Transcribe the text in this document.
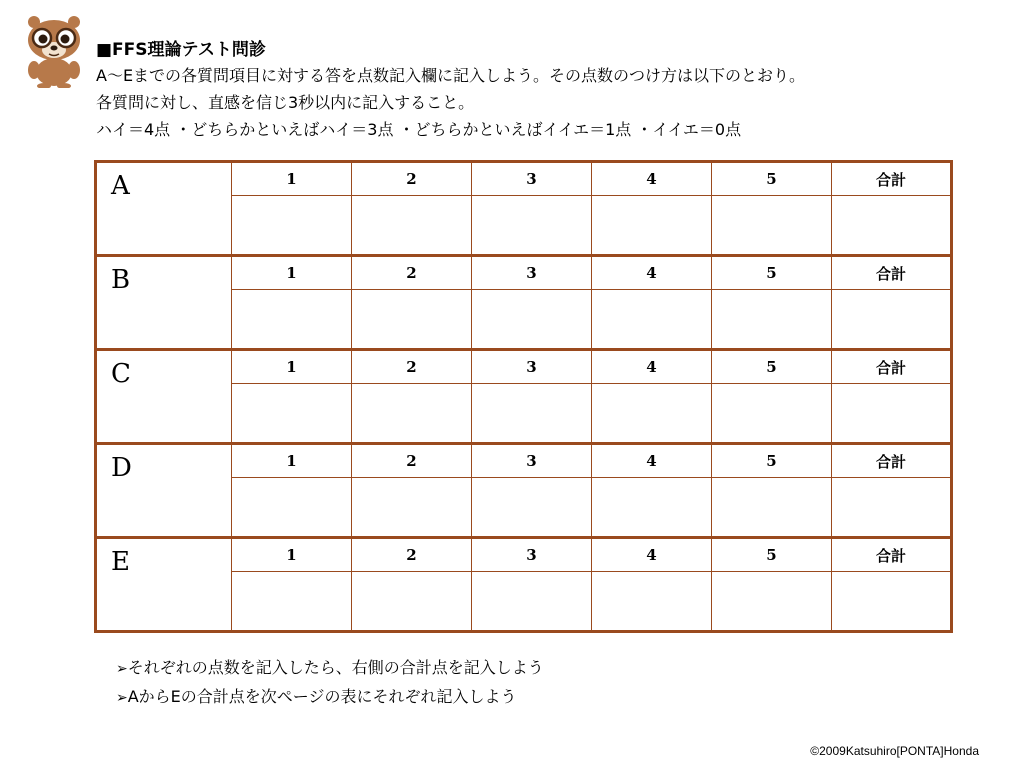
■FFS理論テスト問診
A～Eまでの各質問項目に対する答を点数記入欄に記入しよう。その点数のつけ方は以下のとおり。
各質問に対し、直感を信じ3秒以内に記入すること。
ハイ＝4点 ・どちらかといえばハイ＝3点 ・どちらかといえばイイエ＝1点 ・イイエ＝0点
A	1	2	3	4	5	合計

B	1	2	3	4	5	合計

C	1	2	3	4	5	合計

D	1	2	3	4	5	合計

E	1	2	3	4	5	合計

➢それぞれの点数を記入したら、右側の合計点を記入しよう
➢AからEの合計点を次ページの表にそれぞれ記入しよう
©2009Katsuhiro[PONTA]Honda
